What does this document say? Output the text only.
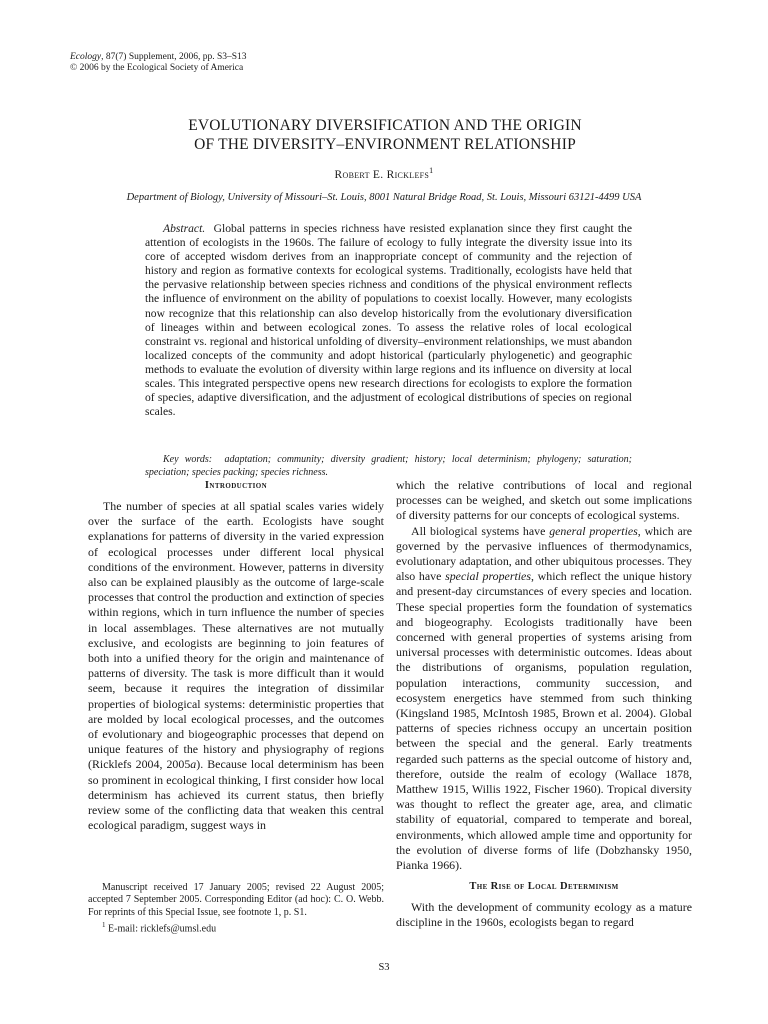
Ecology, 87(7) Supplement, 2006, pp. S3–S13
© 2006 by the Ecological Society of America
EVOLUTIONARY DIVERSIFICATION AND THE ORIGIN
OF THE DIVERSITY–ENVIRONMENT RELATIONSHIP
Robert E. Ricklefs$^1$
Department of Biology, University of Missouri–St. Louis, 8001 Natural Bridge Road, St. Louis, Missouri 63121-4499 USA

Abstract. Global patterns in species richness have resisted explanation since they first caught the attention of ecologists in the 1960s. The failure of ecology to fully integrate the diversity issue into its core of accepted wisdom derives from an inappropriate concept of community and the rejection of history and region as formative contexts for ecological systems. Traditionally, ecologists have held that the pervasive relationship between species richness and conditions of the physical environment reflects the influence of environment on the ability of populations to coexist locally. However, many ecologists now recognize that this relationship can also develop historically from the evolutionary diversification of lineages within and between ecological zones. To assess the relative roles of local ecological constraint vs. regional and historical unfolding of diversity–environment relationships, we must abandon localized concepts of the community and adopt historical (particularly phylogenetic) and geographic methods to evaluate the evolution of diversity within large regions and its influence on diversity at local scales. This integrated perspective opens new research directions for ecologists to explore the formation of species, adaptive diversification, and the adjustment of ecological distributions of species on regional scales.

Key words: adaptation; community; diversity gradient; history; local determinism; phylogeny; saturation; speciation; species packing; species richness.

Introduction

The number of species at all spatial scales varies widely over the surface of the earth. Ecologists have sought explanations for patterns of diversity in the varied expression of ecological processes under different local physical conditions of the environment. However, patterns in diversity also can be explained plausibly as the outcome of large-scale processes that control the production and extinction of species within regions, which in turn influence the number of species in local assemblages. These alternatives are not mutually exclusive, and ecologists are beginning to join features of both into a unified theory for the origin and maintenance of patterns of diversity. The task is more difficult than it would seem, because it requires the integration of dissimilar properties of biological systems: deterministic properties that are molded by local ecological processes, and the outcomes of evolutionary and biogeographic processes that depend on unique features of the history and physiography of regions (Ricklefs 2004, 2005a). Because local determinism has been so prominent in ecological thinking, I first consider how local determinism has achieved its current status, then briefly review some of the conflicting data that weaken this central ecological paradigm, suggest ways in

Manuscript received 17 January 2005; revised 22 August 2005; accepted 7 September 2005. Corresponding Editor (ad hoc): C. O. Webb. For reprints of this Special Issue, see footnote 1, p. S1.

$^1$ E-mail: ricklefs@umsl.edu

which the relative contributions of local and regional processes can be weighed, and sketch out some implications of diversity patterns for our concepts of ecological systems.

All biological systems have general properties, which are governed by the pervasive influences of thermodynamics, evolutionary adaptation, and other ubiquitous processes. They also have special properties, which reflect the unique history and present-day circumstances of every species and location. These special properties form the foundation of systematics and biogeography. Ecologists traditionally have been concerned with general properties of systems arising from universal processes with deterministic outcomes. Ideas about the distributions of organisms, population regulation, population interactions, community succession, and ecosystem energetics have stemmed from such thinking (Kingsland 1985, McIntosh 1985, Brown et al. 2004). Global patterns of species richness occupy an uncertain position between the special and the general. Early treatments regarded such patterns as the special outcome of history and, therefore, outside the realm of ecology (Wallace 1878, Matthew 1915, Willis 1922, Fischer 1960). Tropical diversity was thought to reflect the greater age, area, and climatic stability of equatorial, compared to temperate and boreal, environments, which allowed ample time and opportunity for the evolution of diverse forms of life (Dobzhansky 1950, Pianka 1966).

The Rise of Local Determinism

With the development of community ecology as a mature discipline in the 1960s, ecologists began to regard

S3
